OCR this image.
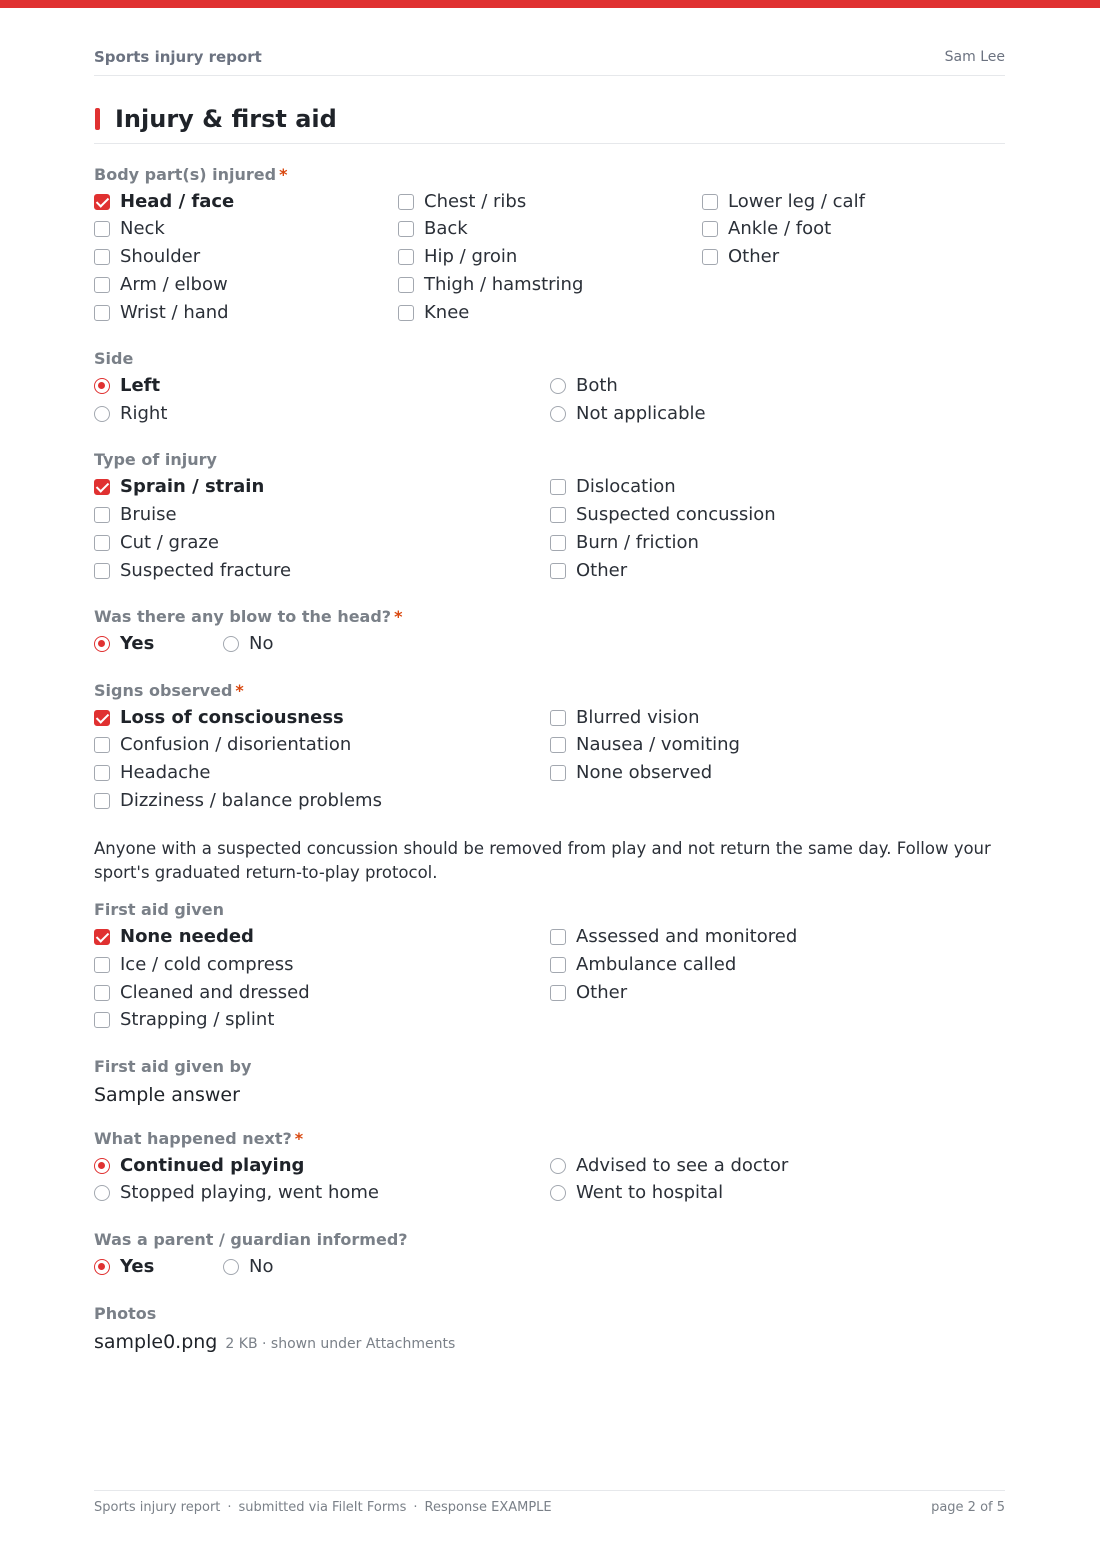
Sports injury report	Sam Lee
Injury & first aid
Body part(s) injured *
Head / face
Neck
Shoulder
Arm / elbow
Wrist / hand
Chest / ribs
Back
Hip / groin
Thigh / hamstring
Knee
Lower leg / calf
Ankle / foot
Other
Side
Left
Right
Both
Not applicable
Type of injury
Sprain / strain
Bruise
Cut / graze
Suspected fracture
Dislocation
Suspected concussion
Burn / friction
Other
Was there any blow to the head? *
Yes	No
Signs observed *
Loss of consciousness
Confusion / disorientation
Headache
Dizziness / balance problems
Blurred vision
Nausea / vomiting
None observed

Anyone with a suspected concussion should be removed from play and not return the same day. Follow your sport's graduated return-to-play protocol.

First aid given
None needed
Ice / cold compress
Cleaned and dressed
Strapping / splint
Assessed and monitored
Ambulance called
Other
First aid given by
Sample answer
What happened next? *
Continued playing
Stopped playing, went home
Advised to see a doctor
Went to hospital
Was a parent / guardian informed?
Yes	No
Photos
sample0.png 2 KB · shown under Attachments
Sports injury report · submitted via FileIt Forms · Response EXAMPLE	page 2 of 5
